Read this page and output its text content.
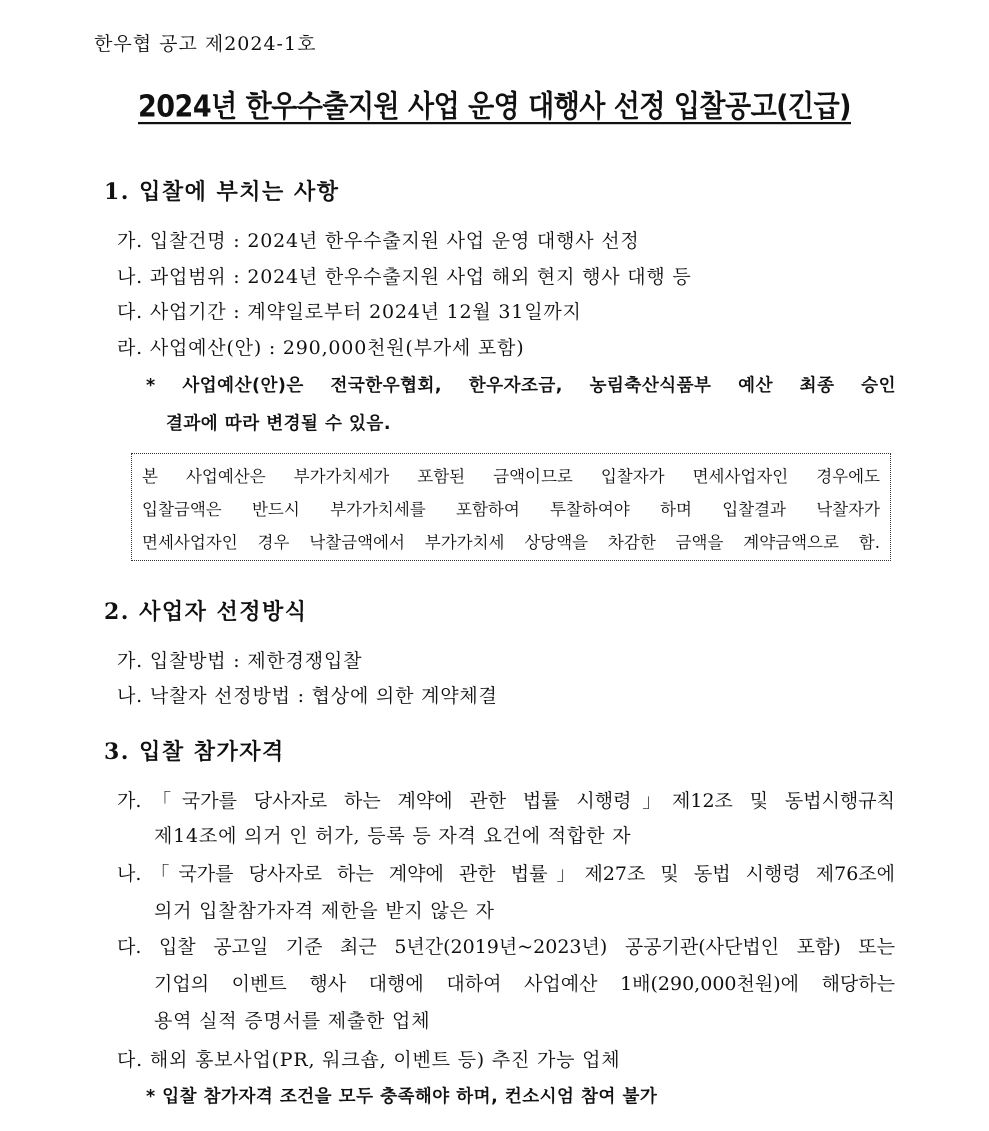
한우협 공고 제2024-1호
2024년 한우수출지원 사업 운영 대행사 선정 입찰공고(긴급)
1. 입찰에 부치는 사항
가. 입찰건명 : 2024년 한우수출지원 사업 운영 대행사 선정
나. 과업범위 : 2024년 한우수출지원 사업 해외 현지 행사 대행 등
다. 사업기간 : 계약일로부터 2024년 12월 31일까지
라. 사업예산(안) : 290,000천원(부가세 포함)
* 사업예산(안)은 전국한우협회, 한우자조금, 농림축산식품부 예산 최종 승인
결과에 따라 변경될 수 있음.
본 사업예산은 부가가치세가 포함된 금액이므로 입찰자가 면세사업자인 경우에도
입찰금액은 반드시 부가가치세를 포함하여 투찰하여야 하며 입찰결과 낙찰자가
면세사업자인 경우 낙찰금액에서 부가가치세 상당액을 차감한 금액을 계약금액으로 함.
2. 사업자 선정방식
가. 입찰방법 : 제한경쟁입찰
나. 낙찰자 선정방법 : 협상에 의한 계약체결
3. 입찰 참가자격
가.「국가를 당사자로 하는 계약에 관한 법률 시행령」제12조 및 동법시행규칙
제14조에 의거 인 허가, 등록 등 자격 요건에 적합한 자
나.「국가를 당사자로 하는 계약에 관한 법률」제27조 및 동법 시행령 제76조에
의거 입찰참가자격 제한을 받지 않은 자
다. 입찰 공고일 기준 최근 5년간(2019년~2023년) 공공기관(사단법인 포함) 또는
기업의 이벤트 행사 대행에 대하여 사업예산 1배(290,000천원)에 해당하는
용역 실적 증명서를 제출한 업체
다. 해외 홍보사업(PR, 워크숍, 이벤트 등) 추진 가능 업체
* 입찰 참가자격 조건을 모두 충족해야 하며, 컨소시엄 참여 불가
